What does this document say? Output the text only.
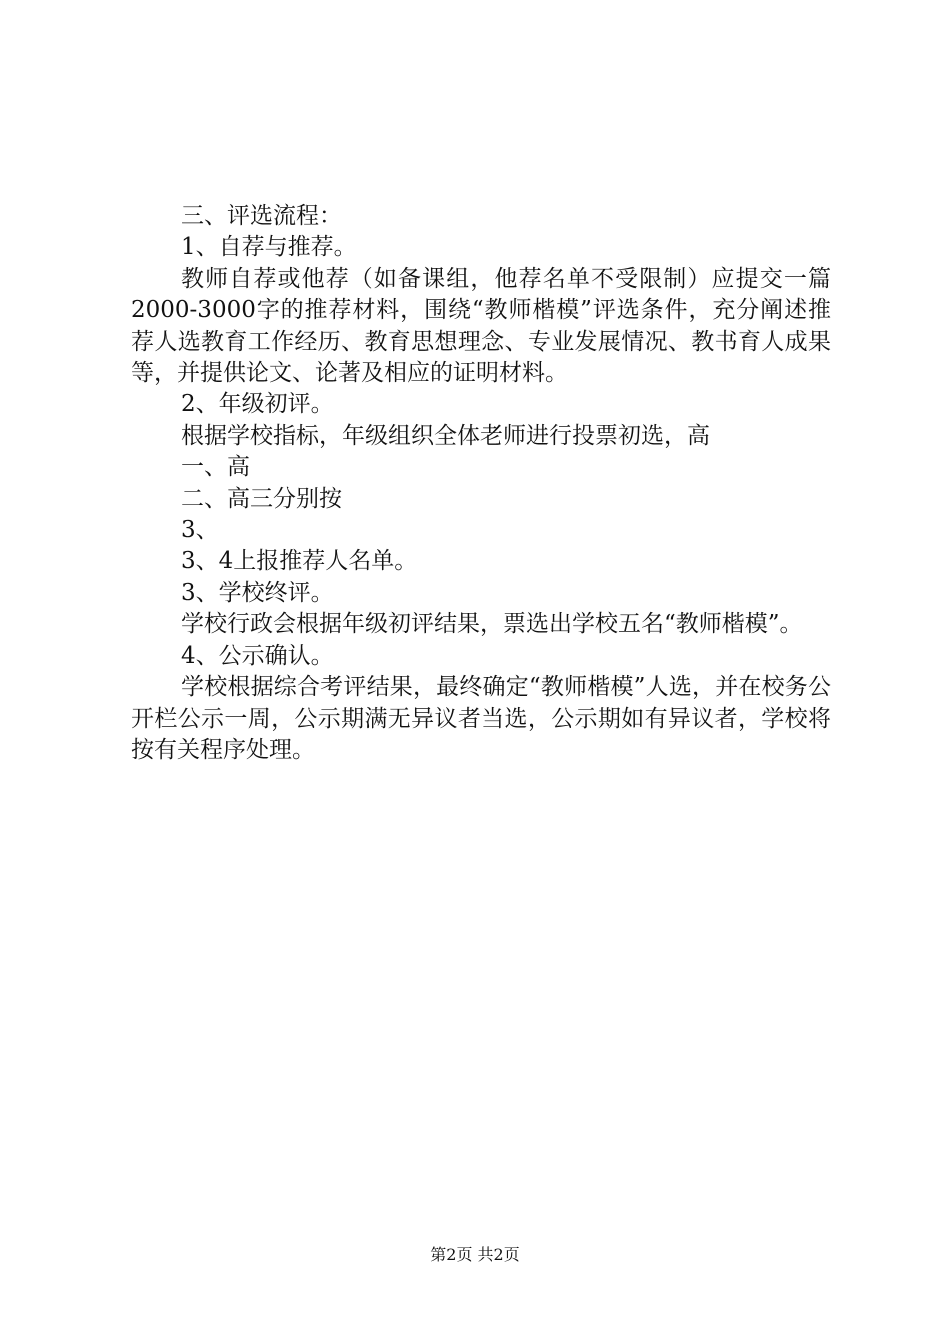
三、评选流程：

1、自荐与推荐。

教师自荐或他荐（如备课组，他荐名单不受限制）应提交一篇2000-3000字的推荐材料，围绕“教师楷模”评选条件，充分阐述推荐人选教育工作经历、教育思想理念、专业发展情况、教书育人成果等，并提供论文、论著及相应的证明材料。

2、年级初评。

根据学校指标，年级组织全体老师进行投票初选，高

一、高

二、高三分别按

3、

3、4上报推荐人名单。

3、学校终评。

学校行政会根据年级初评结果，票选出学校五名“教师楷模”。

4、公示确认。

学校根据综合考评结果，最终确定“教师楷模”人选，并在校务公开栏公示一周，公示期满无异议者当选，公示期如有异议者，学校将按有关程序处理。

第2页 共2页
